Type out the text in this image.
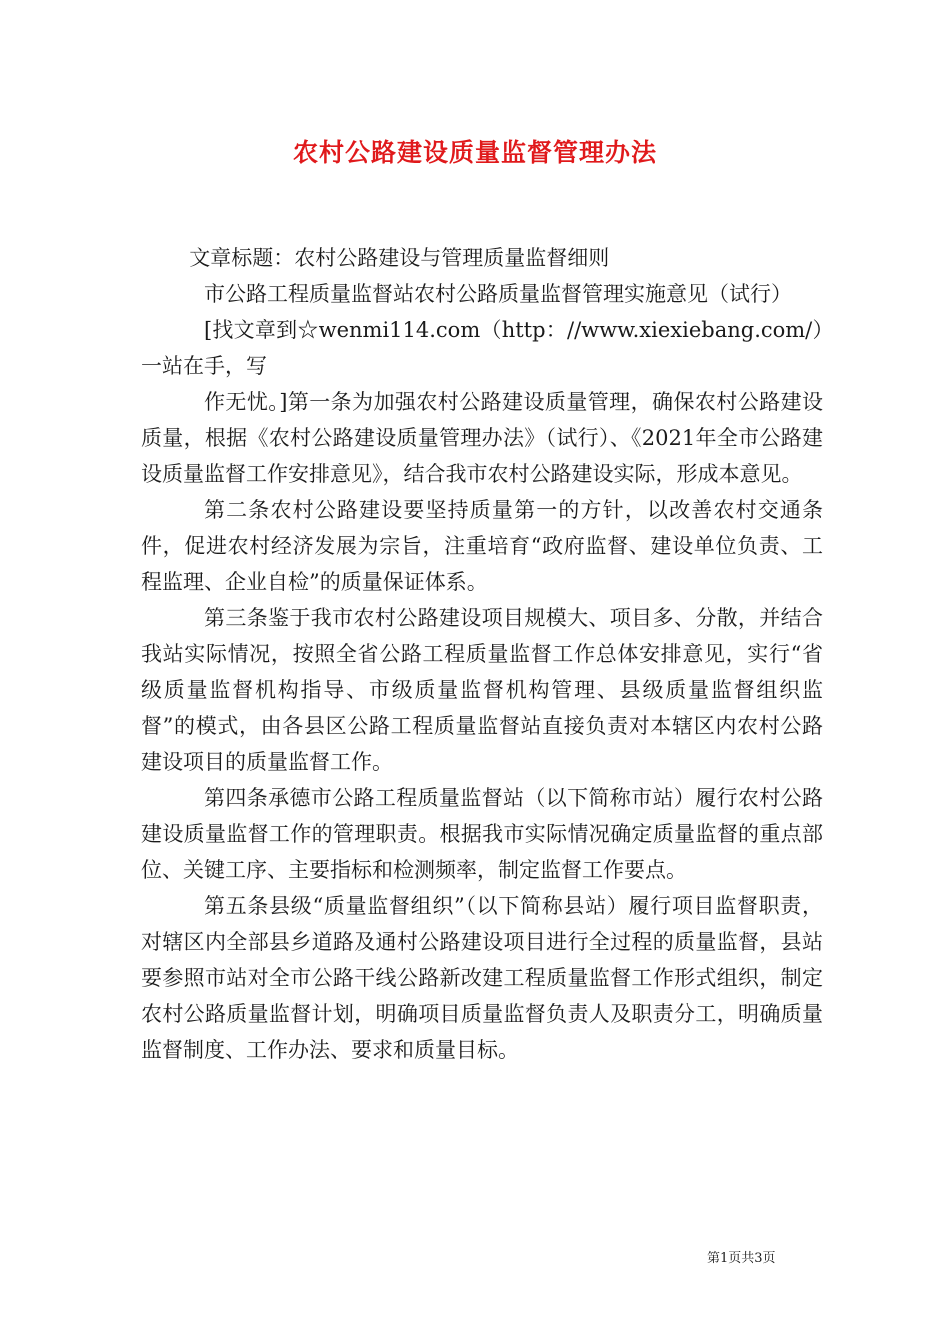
农村公路建设质量监督管理办法

文章标题：农村公路建设与管理质量监督细则

市公路工程质量监督站农村公路质量监督管理实施意见（试行）

[找文章到☆wenmi114.com（http：//www.xiexiebang.com/）一站在手，写

作无忧。]第一条为加强农村公路建设质量管理，确保农村公路建设质量，根据《农村公路建设质量管理办法》（试行）、《2021年全市公路建设质量监督工作安排意见》，结合我市农村公路建设实际，形成本意见。

第二条农村公路建设要坚持质量第一的方针，以改善农村交通条件，促进农村经济发展为宗旨，注重培育“政府监督、建设单位负责、工程监理、企业自检”的质量保证体系。

第三条鉴于我市农村公路建设项目规模大、项目多、分散，并结合我站实际情况，按照全省公路工程质量监督工作总体安排意见，实行“省级质量监督机构指导、市级质量监督机构管理、县级质量监督组织监督”的模式，由各县区公路工程质量监督站直接负责对本辖区内农村公路建设项目的质量监督工作。

第四条承德市公路工程质量监督站（以下简称市站）履行农村公路建设质量监督工作的管理职责。根据我市实际情况确定质量监督的重点部位、关键工序、主要指标和检测频率，制定监督工作要点。

第五条县级“质量监督组织”（以下简称县站）履行项目监督职责，对辖区内全部县乡道路及通村公路建设项目进行全过程的质量监督，县站要参照市站对全市公路干线公路新改建工程质量监督工作形式组织，制定农村公路质量监督计划，明确项目质量监督负责人及职责分工，明确质量监督制度、工作办法、要求和质量目标。

第1页共3页
